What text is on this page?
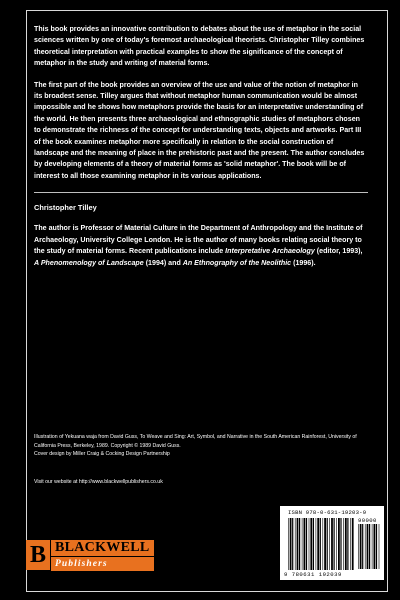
This book provides an innovative contribution to debates about the use of metaphor in the social sciences written by one of today's foremost archaeological theorists. Christopher Tilley combines theoretical interpretation with practical examples to show the significance of the concept of metaphor in the study and writing of material forms.

The first part of the book provides an overview of the use and value of the notion of metaphor in its broadest sense. Tilley argues that without metaphor human communication would be almost impossible and he shows how metaphors provide the basis for an interpretative understanding of the world. He then presents three archaeological and ethnographic studies of metaphors chosen to demonstrate the richness of the concept for understanding texts, objects and artworks. Part III of the book examines metaphor more specifically in relation to the social construction of landscape and the meaning of place in the prehistoric past and the present. The author concludes by developing elements of a theory of material forms as 'solid metaphor'. The book will be of interest to all those examining metaphor in its various applications.

Christopher Tilley

The author is Professor of Material Culture in the Department of Anthropology and the Institute of Archaeology, University College London. He is the author of many books relating social theory to the study of material forms. Recent publications include Interpretative Archaeology (editor, 1993), A Phenomenology of Landscape (1994) and An Ethnography of the Neolithic (1996).

Illustration of Yekuana waja from David Guss, To Weave and Sing: Art, Symbol, and Narrative in the South American Rainforest, University of California Press, Berkeley, 1989. Copyright © 1989 David Guss.

Cover design by Miller Craig & Cocking Design Partnership

Visit our website at http://www.blackwellpublishers.co.uk
B BLACKWELL
Publishers
ISBN 978-0-631-19203-9
9 780631 192039
90000
